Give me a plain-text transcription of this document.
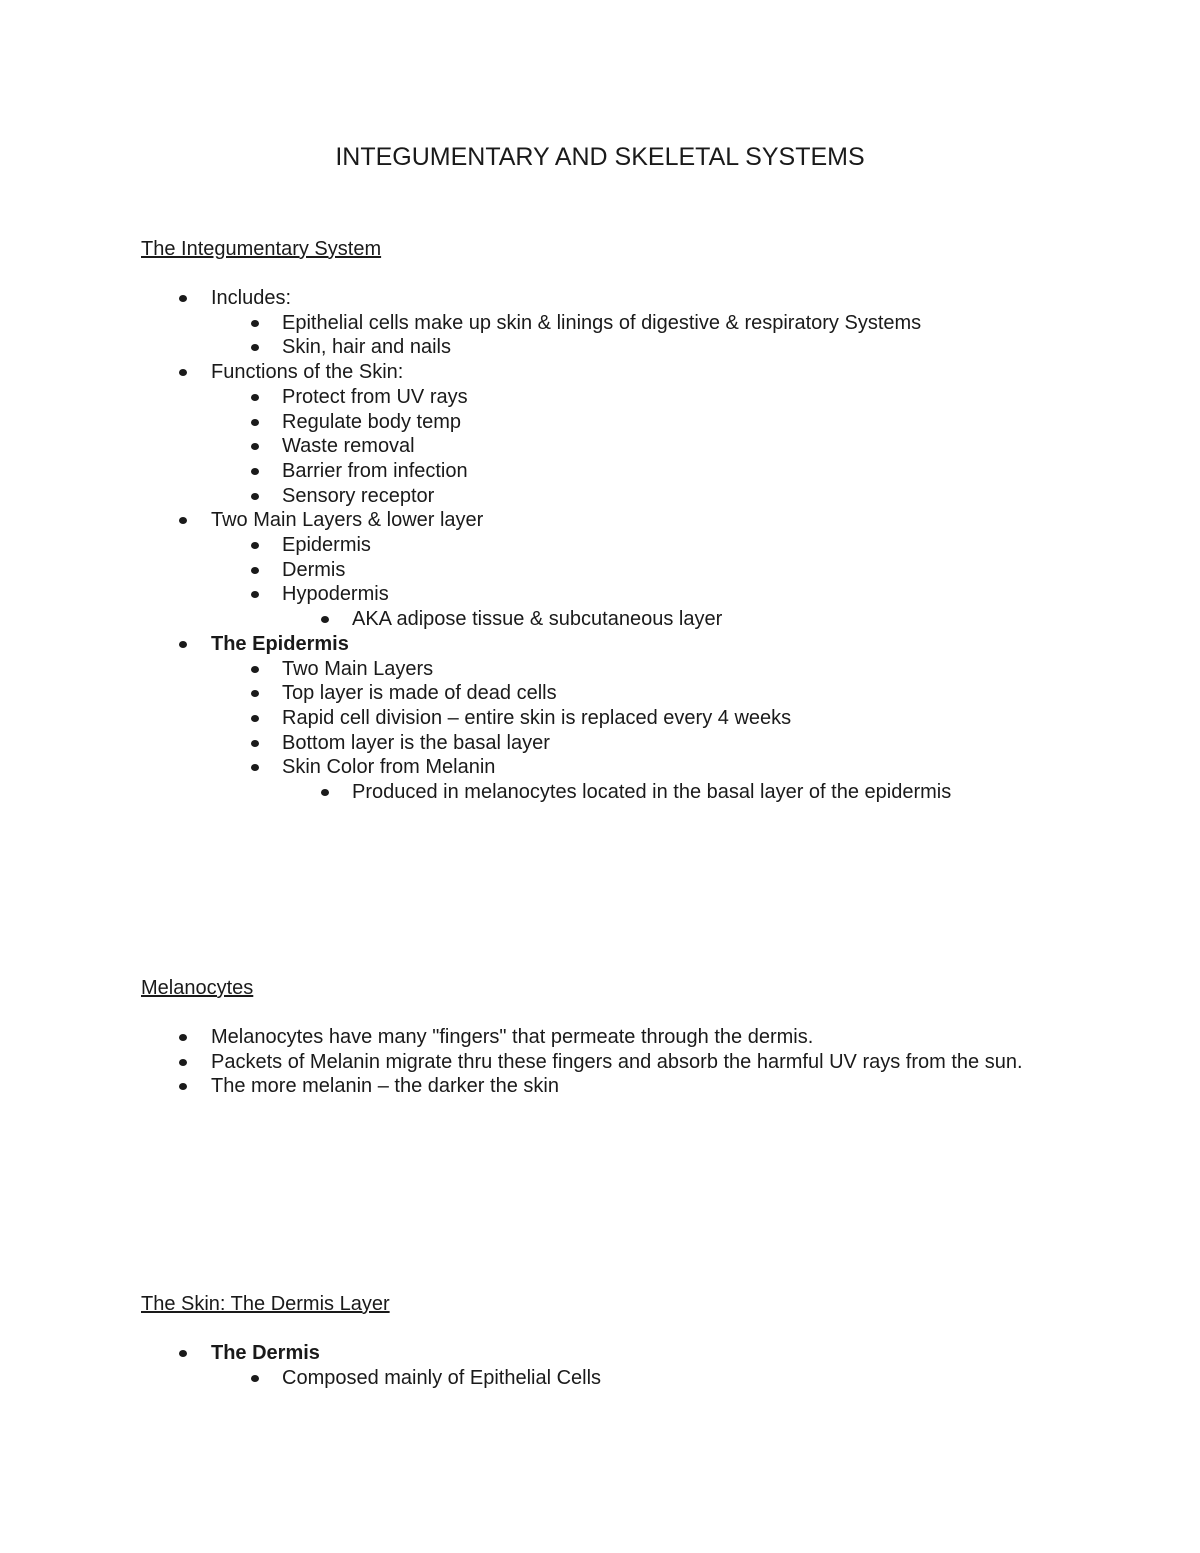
INTEGUMENTARY AND SKELETAL SYSTEMS

The Integumentary System

Includes:
Epithelial cells make up skin & linings of digestive & respiratory Systems
Skin, hair and nails
Functions of the Skin:
Protect from UV rays
Regulate body temp
Waste removal
Barrier from infection
Sensory receptor
Two Main Layers & lower layer
Epidermis
Dermis
Hypodermis
AKA adipose tissue & subcutaneous layer
The Epidermis
Two Main Layers
Top layer is made of dead cells
Rapid cell division – entire skin is replaced every 4 weeks
Bottom layer is the basal layer
Skin Color from Melanin
Produced in melanocytes located in the basal layer of the epidermis

Melanocytes

Melanocytes have many "fingers" that permeate through the dermis.
Packets of Melanin migrate thru these fingers and absorb the harmful UV rays from the sun.
The more melanin – the darker the skin

The Skin: The Dermis Layer

The Dermis
Composed mainly of Epithelial Cells
